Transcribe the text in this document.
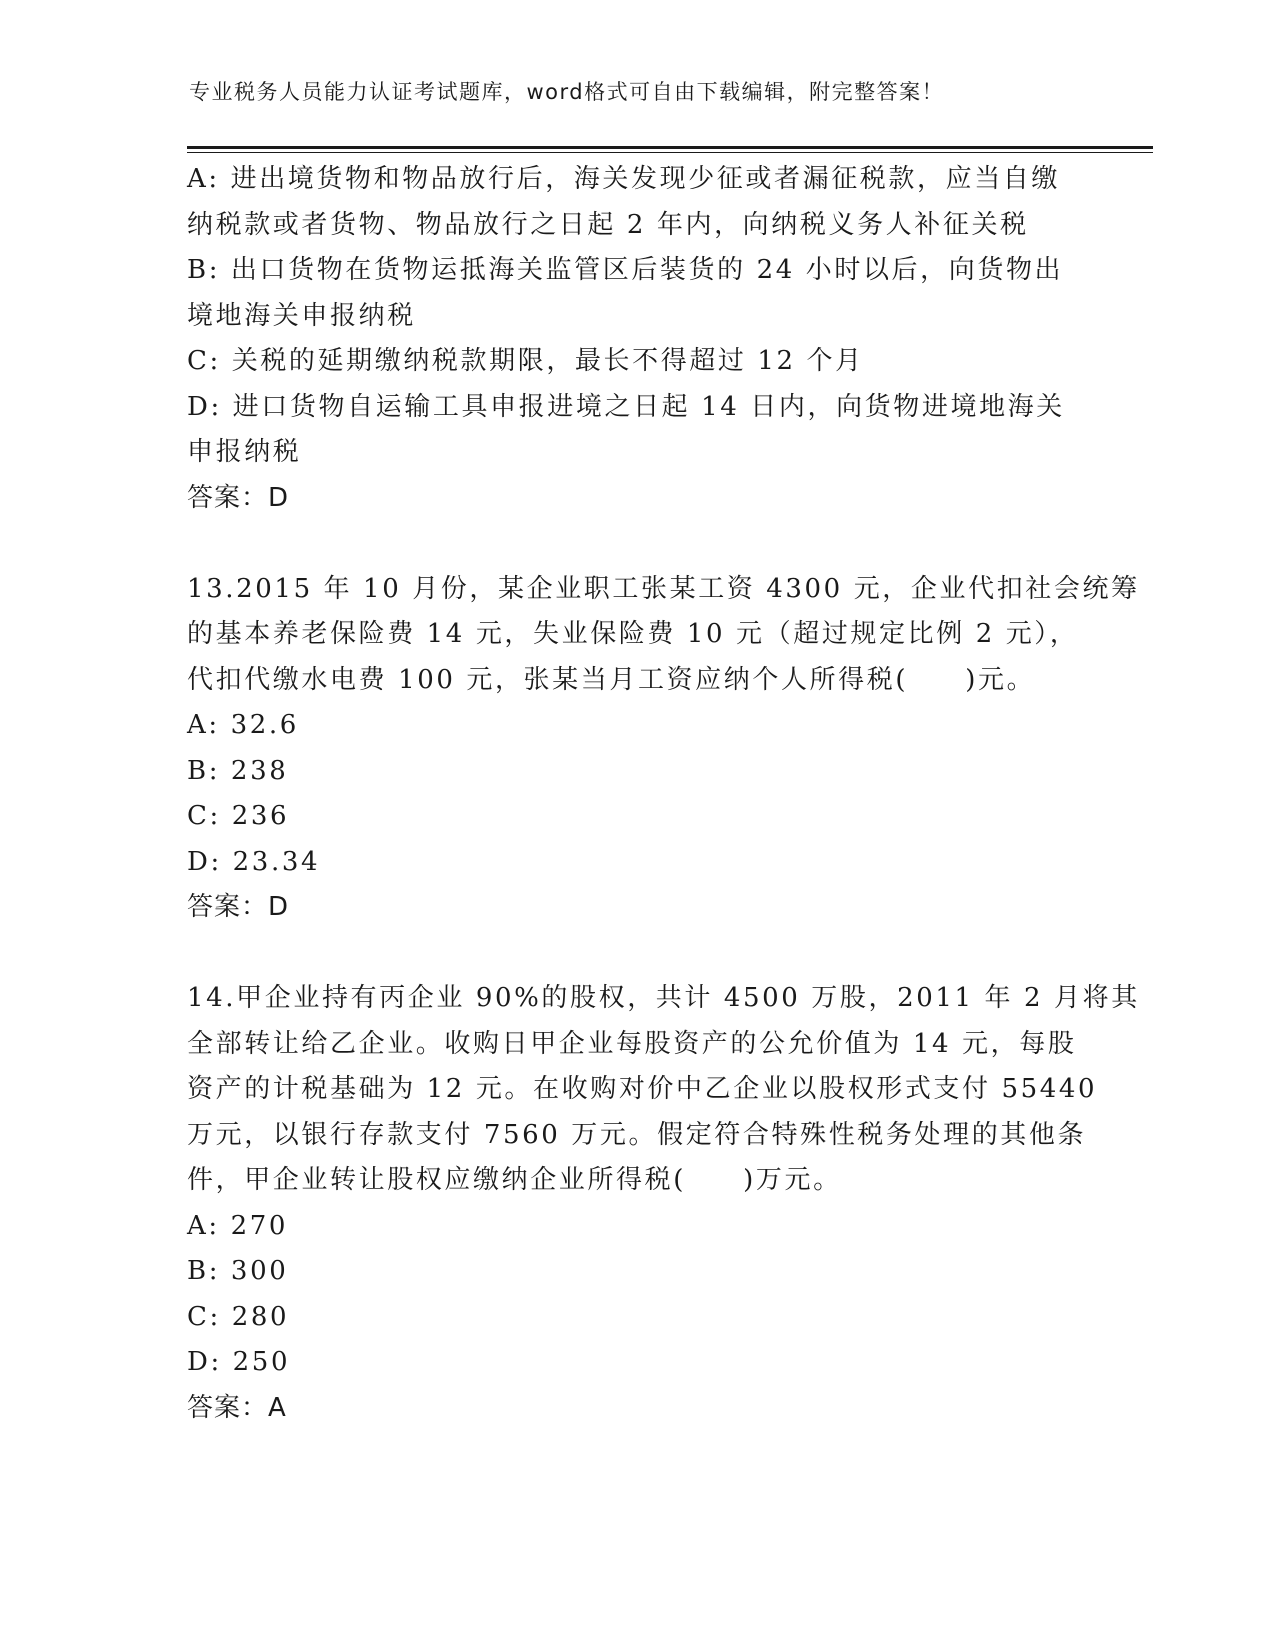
专业税务人员能力认证考试题库，word格式可自由下载编辑，附完整答案！
A: 进出境货物和物品放行后，海关发现少征或者漏征税款，应当自缴
纳税款或者货物、物品放行之日起 2 年内，向纳税义务人补征关税
B: 出口货物在货物运抵海关监管区后装货的 24 小时以后，向货物出
境地海关申报纳税
C: 关税的延期缴纳税款期限，最长不得超过 12 个月
D: 进口货物自运输工具申报进境之日起 14 日内，向货物进境地海关
申报纳税
答案：D
13.2015 年 10 月份，某企业职工张某工资 4300 元，企业代扣社会统筹
的基本养老保险费 14 元，失业保险费 10 元（超过规定比例 2 元），
代扣代缴水电费 100 元，张某当月工资应纳个人所得税(　　)元。
A: 32.6
B: 238
C: 236
D: 23.34
答案：D
14.甲企业持有丙企业 90%的股权，共计 4500 万股，2011 年 2 月将其
全部转让给乙企业。收购日甲企业每股资产的公允价值为 14 元，每股
资产的计税基础为 12 元。在收购对价中乙企业以股权形式支付 55440
万元，以银行存款支付 7560 万元。假定符合特殊性税务处理的其他条
件，甲企业转让股权应缴纳企业所得税(　　)万元。
A: 270
B: 300
C: 280
D: 250
答案：A
